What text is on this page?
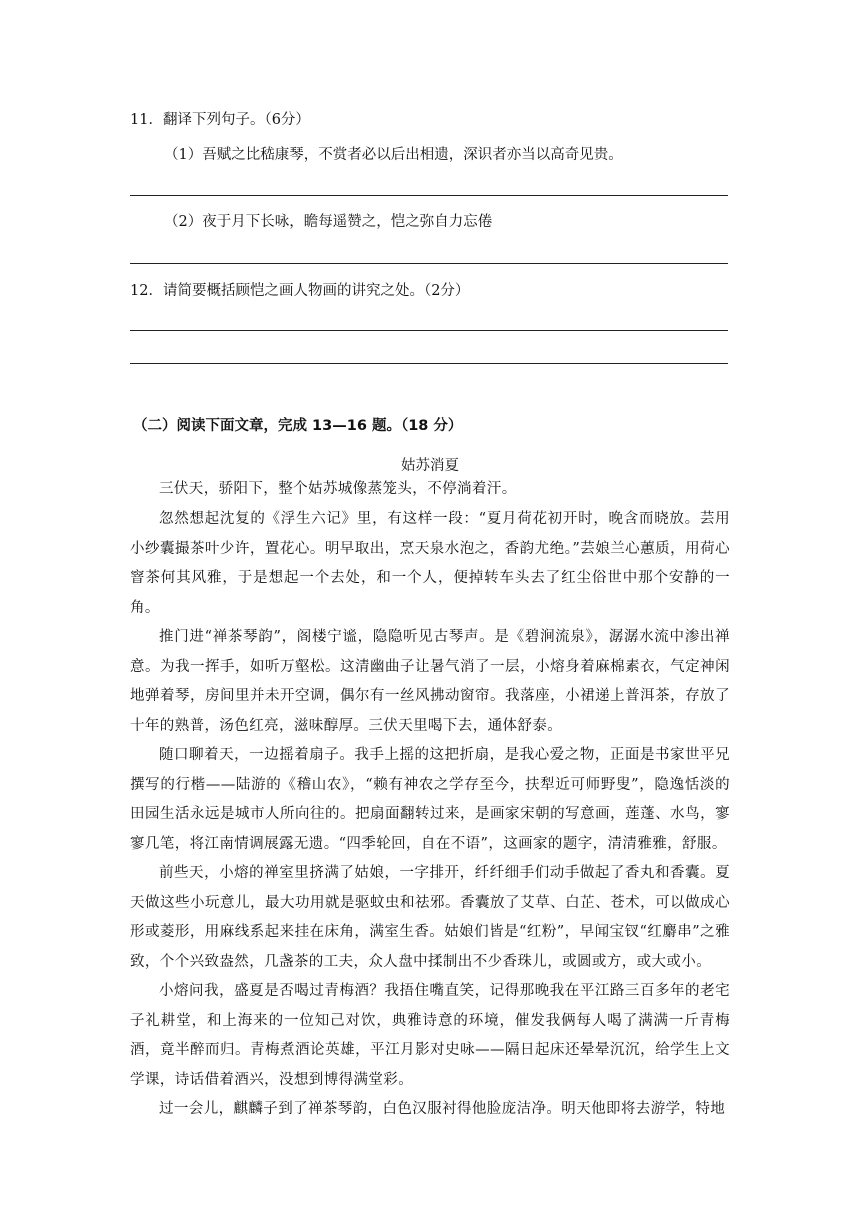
11．翻译下列句子。（6分）
（1）吾赋之比嵇康琴，不赏者必以后出相遗，深识者亦当以高奇见贵。
（2）夜于月下长咏，瞻每遥赞之，恺之弥自力忘倦
12．请简要概括顾恺之画人物画的讲究之处。（2分）
（二）阅读下面文章，完成 13—16 题。（18 分）
姑苏消夏
三伏天，骄阳下，整个姑苏城像蒸笼头，不停淌着汗。
忽然想起沈复的《浮生六记》里，有这样一段：“夏月荷花初开时，晚含而晓放。芸用小纱囊撮茶叶少许，置花心。明早取出，烹天泉水泡之，香韵尤绝。”芸娘兰心蕙质，用荷心窨茶何其风雅，于是想起一个去处，和一个人，便掉转车头去了红尘俗世中那个安静的一角。
推门进“禅茶琴韵”，阁楼宁谧，隐隐听见古琴声。是《碧涧流泉》，潺潺水流中渗出禅意。为我一挥手，如听万壑松。这清幽曲子让暑气消了一层，小熔身着麻棉素衣，气定神闲地弹着琴，房间里并未开空调，偶尔有一丝风拂动窗帘。我落座，小裙递上普洱茶，存放了十年的熟普，汤色红亮，滋味醇厚。三伏天里喝下去，通体舒泰。
随口聊着天，一边摇着扇子。我手上摇的这把折扇，是我心爱之物，正面是书家世平兄撰写的行楷——陆游的《稽山农》，“赖有神农之学存至今，扶犁近可师野叟”，隐逸恬淡的田园生活永远是城市人所向往的。把扇面翻转过来，是画家宋朝的写意画，莲蓬、水鸟，寥寥几笔，将江南情调展露无遗。“四季轮回，自在不语”，这画家的题字，清清雅雅，舒服。
前些天，小熔的禅室里挤满了姑娘，一字排开，纤纤细手们动手做起了香丸和香囊。夏天做这些小玩意儿，最大功用就是驱蚊虫和祛邪。香囊放了艾草、白芷、苍术，可以做成心形或菱形，用麻线系起来挂在床角，满室生香。姑娘们皆是“红粉”，早闻宝钗“红麝串”之雅致，个个兴致盎然，几盏茶的工夫，众人盘中揉制出不少香珠儿，或圆或方，或大或小。
小熔问我，盛夏是否喝过青梅酒？我捂住嘴直笑，记得那晚我在平江路三百多年的老宅子礼耕堂，和上海来的一位知己对饮，典雅诗意的环境，催发我俩每人喝了满满一斤青梅酒，竟半醉而归。青梅煮酒论英雄，平江月影对史咏——隔日起床还晕晕沉沉，给学生上文学课，诗话借着酒兴，没想到博得满堂彩。
过一会儿，麒麟子到了禅茶琴韵，白色汉服衬得他脸庞洁净。明天他即将去游学，特地
